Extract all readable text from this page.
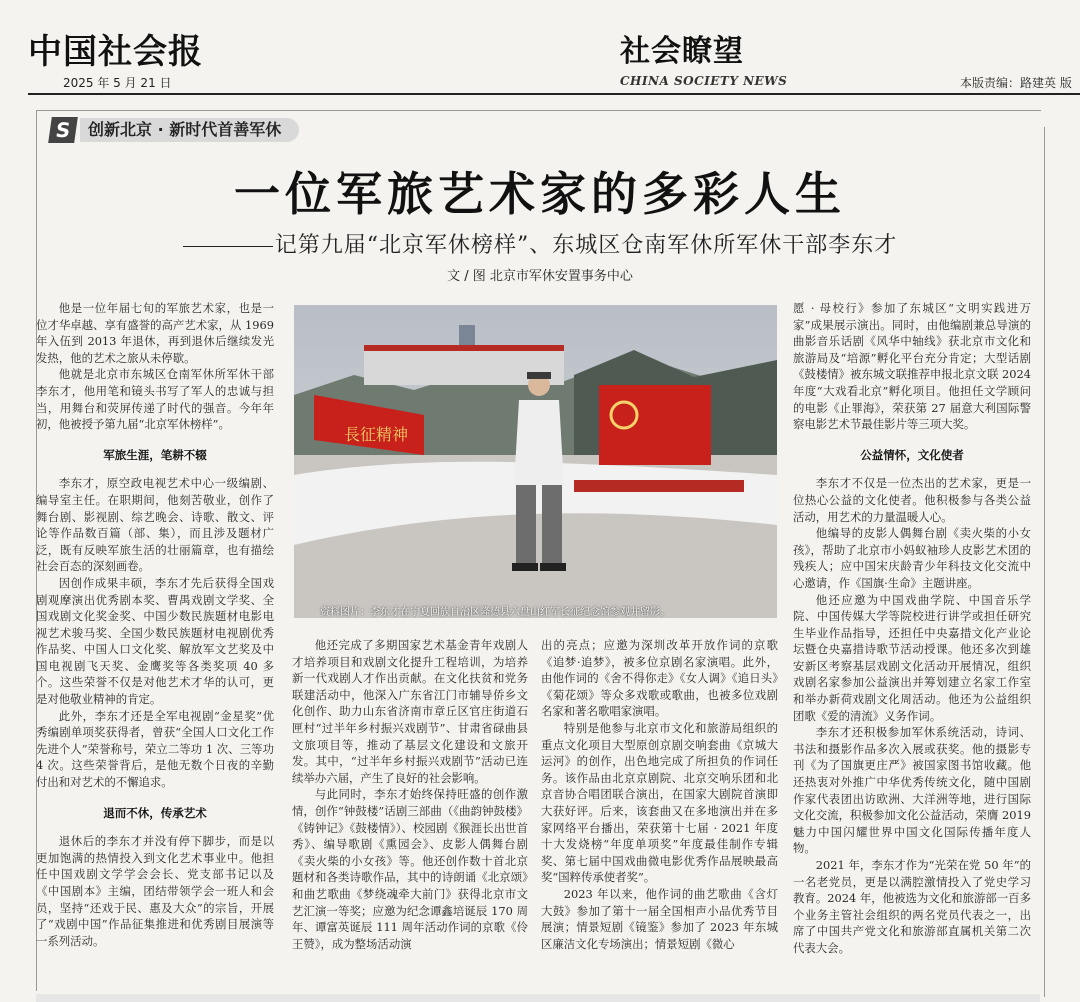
中国社会报
2025 年 5 月 21 日
社会瞭望
CHINA SOCIETY NEWS	本版责编：路建英 版
S	创新北京 · 新时代首善军休
一位军旅艺术家的多彩人生
记第九届“北京军休榜样”、东城区仓南军休所军休干部李东才
文 / 图 北京市军休安置事务中心

他是一位年届七旬的军旅艺术家，也是一位才华卓越、享有盛誉的高产艺术家，从 1969 年入伍到 2013 年退休，再到退休后继续发光发热，他的艺术之旅从未停歇。

他就是北京市东城区仓南军休所军休干部李东才，他用笔和镜头书写了军人的忠诚与担当，用舞台和荧屏传递了时代的强音。今年年初，他被授予第九届“北京军休榜样”。

军旅生涯，笔耕不辍

李东才，原空政电视艺术中心一级编剧、编导室主任。在职期间，他刻苦敬业，创作了舞台剧、影视剧、综艺晚会、诗歌、散文、评论等作品数百篇（部、集），而且涉及题材广泛，既有反映军旅生活的壮丽篇章，也有描绘社会百态的深刻画卷。

因创作成果丰硕，李东才先后获得全国戏剧观摩演出优秀剧本奖、曹禺戏剧文学奖、全国戏剧文化奖金奖、中国少数民族题材电影电视艺术骏马奖、全国少数民族题材电视剧优秀作品奖、中国人口文化奖、解放军文艺奖及中国电视剧飞天奖、金鹰奖等各类奖项 40 多个。这些荣誉不仅是对他艺术才华的认可，更是对他敬业精神的肯定。

此外，李东才还是全军电视剧“金星奖”优秀编剧单项奖获得者，曾获“全国人口文化工作先进个人”荣誉称号，荣立二等功 1 次、三等功 4 次。这些荣誉背后，是他无数个日夜的辛勤付出和对艺术的不懈追求。

退而不休，传承艺术

退休后的李东才并没有停下脚步，而是以更加饱满的热情投入到文化艺术事业中。他担任中国戏剧文学学会会长、党支部书记以及《中国剧本》主编，团结带领学会一班人和会员，坚持“还戏于民、惠及大众”的宗旨，开展了“戏剧中国”作品征集推进和优秀剧目展演等一系列活动。

他还完成了多期国家艺术基金青年戏剧人才培养项目和戏剧文化提升工程培训，为培养新一代戏剧人才作出贡献。在文化扶贫和党务联建活动中，他深入广东省江门市辅导侨乡文化创作、助力山东省济南市章丘区官庄街道石匣村“过半年乡村振兴戏剧节”、甘肃省碌曲县文旅项目等，推动了基层文化建设和文旅开发。其中，“过半年乡村振兴戏剧节”活动已连续举办六届，产生了良好的社会影响。

与此同时，李东才始终保持旺盛的创作激情，创作“钟鼓楼”话剧三部曲（《曲韵钟鼓楼》《铸钟记》《鼓楼情》）、校园剧《猴涯长出世首秀》、编导歌剧《熏园会》、皮影人偶舞台剧《卖火柴的小女孩》等。他还创作数十首北京题材和各类诗歌作品，其中的诗朗诵《北京颂》和曲艺歌曲《梦绕魂牵大前门》获得北京市文艺汇演一等奖；应邀为纪念谭鑫培诞辰 170 周年、谭富英诞辰 111 周年活动作词的京歌《伶王赞》，成为整场活动演

出的亮点；应邀为深圳改革开放作词的京歌《追梦·追梦》，被多位京剧名家演唱。此外，由他作词的《舍不得你走》《女人调》《追日头》《菊花颂》等众多戏歌或歌曲，也被多位戏剧名家和著名歌唱家演唱。

特别是他参与北京市文化和旅游局组织的重点文化项目大型原创京剧交响套曲《京城大运河》的创作，出色地完成了所担负的作词任务。该作品由北京京剧院、北京交响乐团和北京音协合唱团联合演出，在国家大剧院首演即大获好评。后来，该套曲又在多地演出并在多家网络平台播出，荣获第十七届 · 2021 年度十大发烧榜“年度单项奖”年度最佳制作专辑奖、第七届中国戏曲微电影优秀作品展映最高奖“国粹传承使者奖”。

2023 年以来，他作词的曲艺歌曲《含灯大鼓》参加了第十一届全国相声小品优秀节目展演；情景短剧《镜鉴》参加了 2023 年东城区廉洁文化专场演出；情景短剧《微心

愿 · 母校行》参加了东城区“文明实践进万家”成果展示演出。同时，由他编剧兼总导演的曲影音乐话剧《风华中轴线》获北京市文化和旅游局及“培源”孵化平台充分肯定；大型话剧《鼓楼情》被东城文联推荐申报北京文联 2024 年度“大戏看北京”孵化项目。他担任文学顾问的电影《止罪海》，荣获第 27 届意大利国际警察电影艺术节最佳影片等三项大奖。

公益情怀，文化使者

李东才不仅是一位杰出的艺术家，更是一位热心公益的文化使者。他积极参与各类公益活动，用艺术的力量温暖人心。

他编导的皮影人偶舞台剧《卖火柴的小女孩》，帮助了北京市小妈蚁袖珍人皮影艺术团的残疾人；应中国宋庆龄青少年科技文化交流中心邀请，作《国旗·生命》主题讲座。

他还应邀为中国戏曲学院、中国音乐学院、中国传媒大学等院校进行讲学或担任研究生毕业作品指导，还担任中央嘉措文化产业论坛暨仓央嘉措诗歌节活动授课。他还多次到雄安新区考察基层戏剧文化活动开展情况，组织戏剧名家参加公益演出并筹划建立名家工作室和举办新荷戏剧文化周活动。他还为公益组织团歌《爱的清流》义务作词。

李东才还积极参加军休系统活动，诗词、书法和摄影作品多次入展或获奖。他的摄影专刊《为了国旗更庄严》被国家图书馆收藏。他还热衷对外推广中华优秀传统文化，随中国剧作家代表团出访欧洲、大洋洲等地，进行国际文化交流，积极参加文化公益活动，荣膺 2019 魅力中国闪耀世界中国文化国际传播年度人物。

2021 年，李东才作为“光荣在党 50 年”的一名老党员，更是以满腔激情投入了党史学习教育。2024 年，他被选为文化和旅游部一百多个业务主管社会组织的两名党员代表之一，出席了中国共产党文化和旅游部直属机关第二次代表大会。

長征精神
资料图片：李东才在宁夏回族自治区隆德县六盘山红军长征纪念馆参观并留影。
